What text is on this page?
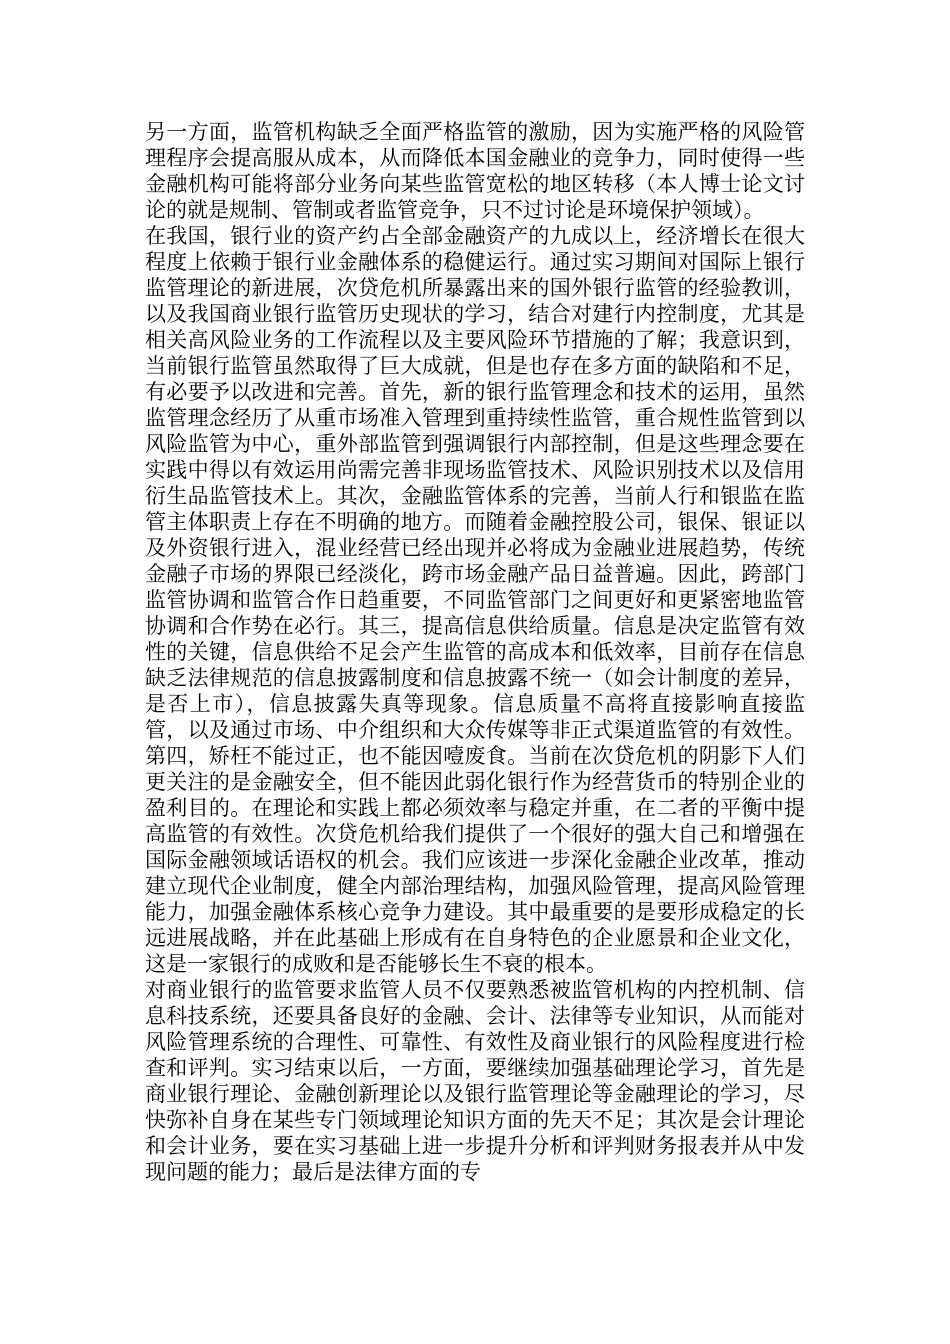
另一方面，监管机构缺乏全面严格监管的激励，因为实施严格的风险管理程序会提高服从成本，从而降低本国金融业的竞争力，同时使得一些金融机构可能将部分业务向某些监管宽松的地区转移（本人博士论文讨论的就是规制、管制或者监管竞争，只不过讨论是环境保护领域）。

在我国，银行业的资产约占全部金融资产的九成以上，经济增长在很大程度上依赖于银行业金融体系的稳健运行。通过实习期间对国际上银行监管理论的新进展，次贷危机所暴露出来的国外银行监管的经验教训，以及我国商业银行监管历史现状的学习，结合对建行内控制度，尤其是相关高风险业务的工作流程以及主要风险环节措施的了解；我意识到，当前银行监管虽然取得了巨大成就，但是也存在多方面的缺陷和不足，有必要予以改进和完善。首先，新的银行监管理念和技术的运用，虽然监管理念经历了从重市场准入管理到重持续性监管，重合规性监管到以风险监管为中心，重外部监管到强调银行内部控制，但是这些理念要在实践中得以有效运用尚需完善非现场监管技术、风险识别技术以及信用衍生品监管技术上。其次，金融监管体系的完善，当前人行和银监在监管主体职责上存在不明确的地方。而随着金融控股公司，银保、银证以及外资银行进入，混业经营已经出现并必将成为金融业进展趋势，传统金融子市场的界限已经淡化，跨市场金融产品日益普遍。因此，跨部门监管协调和监管合作日趋重要，不同监管部门之间更好和更紧密地监管协调和合作势在必行。其三，提高信息供给质量。信息是决定监管有效性的关键，信息供给不足会产生监管的高成本和低效率，目前存在信息缺乏法律规范的信息披露制度和信息披露不统一（如会计制度的差异，是否上市），信息披露失真等现象。信息质量不高将直接影响直接监管，以及通过市场、中介组织和大众传媒等非正式渠道监管的有效性。第四，矫枉不能过正，也不能因噎废食。当前在次贷危机的阴影下人们更关注的是金融安全，但不能因此弱化银行作为经营货币的特别企业的盈利目的。在理论和实践上都必须效率与稳定并重，在二者的平衡中提高监管的有效性。次贷危机给我们提供了一个很好的强大自己和增强在国际金融领域话语权的机会。我们应该进一步深化金融企业改革，推动建立现代企业制度，健全内部治理结构，加强风险管理，提高风险管理能力，加强金融体系核心竞争力建设。其中最重要的是要形成稳定的长远进展战略，并在此基础上形成有在自身特色的企业愿景和企业文化，这是一家银行的成败和是否能够长生不衰的根本。

对商业银行的监管要求监管人员不仅要熟悉被监管机构的内控机制、信息科技系统，还要具备良好的金融、会计、法律等专业知识，从而能对风险管理系统的合理性、可靠性、有效性及商业银行的风险程度进行检查和评判。实习结束以后，一方面，要继续加强基础理论学习，首先是商业银行理论、金融创新理论以及银行监管理论等金融理论的学习，尽快弥补自身在某些专门领域理论知识方面的先天不足；其次是会计理论和会计业务，要在实习基础上进一步提升分析和评判财务报表并从中发现问题的能力；最后是法律方面的专
